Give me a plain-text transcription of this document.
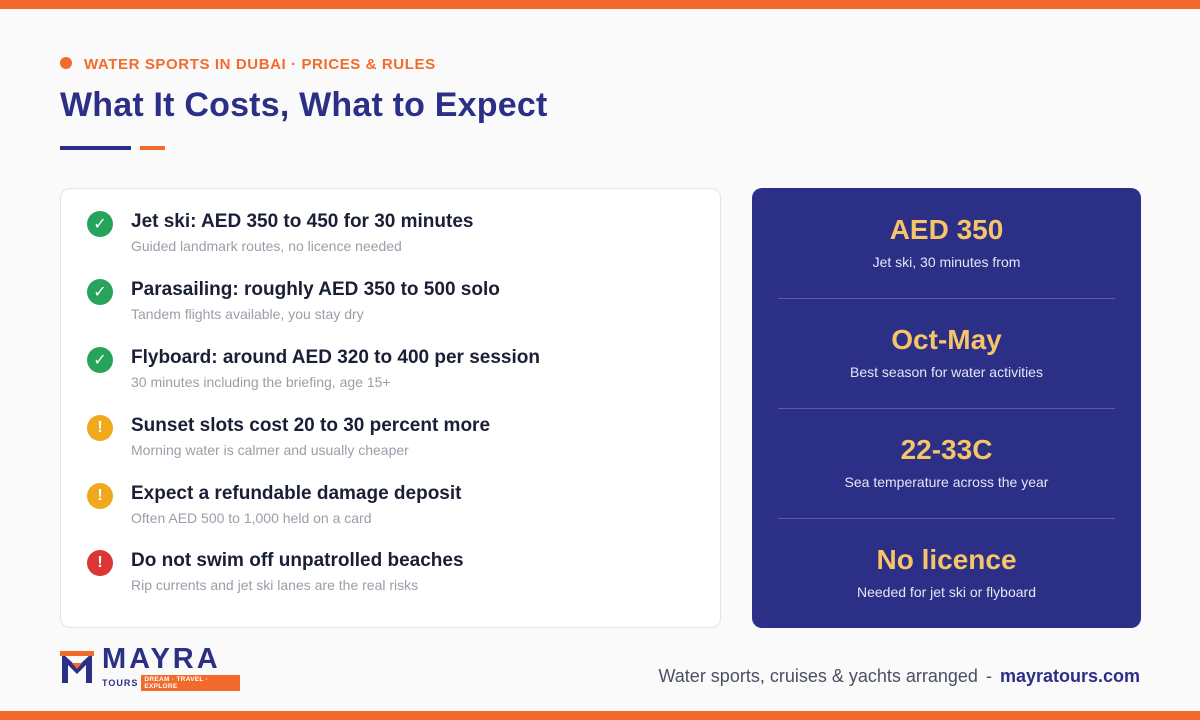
WATER SPORTS IN DUBAI · PRICES & RULES
What It Costs, What to Expect
✓	Jet ski: AED 350 to 450 for 30 minutes
Guided landmark routes, no licence needed
✓	Parasailing: roughly AED 350 to 500 solo
Tandem flights available, you stay dry
✓	Flyboard: around AED 320 to 400 per session
30 minutes including the briefing, age 15+
!	Sunset slots cost 20 to 30 percent more
Morning water is calmer and usually cheaper
!	Expect a refundable damage deposit
Often AED 500 to 1,000 held on a card
!	Do not swim off unpatrolled beaches
Rip currents and jet ski lanes are the real risks
AED 350
Jet ski, 30 minutes from
Oct-May
Best season for water activities
22-33C
Sea temperature across the year
No licence
Needed for jet ski or flyboard
MAYRA
TOURS DREAM · TRAVEL · EXPLORE
Water sports, cruises & yachts arranged - mayratours.com
